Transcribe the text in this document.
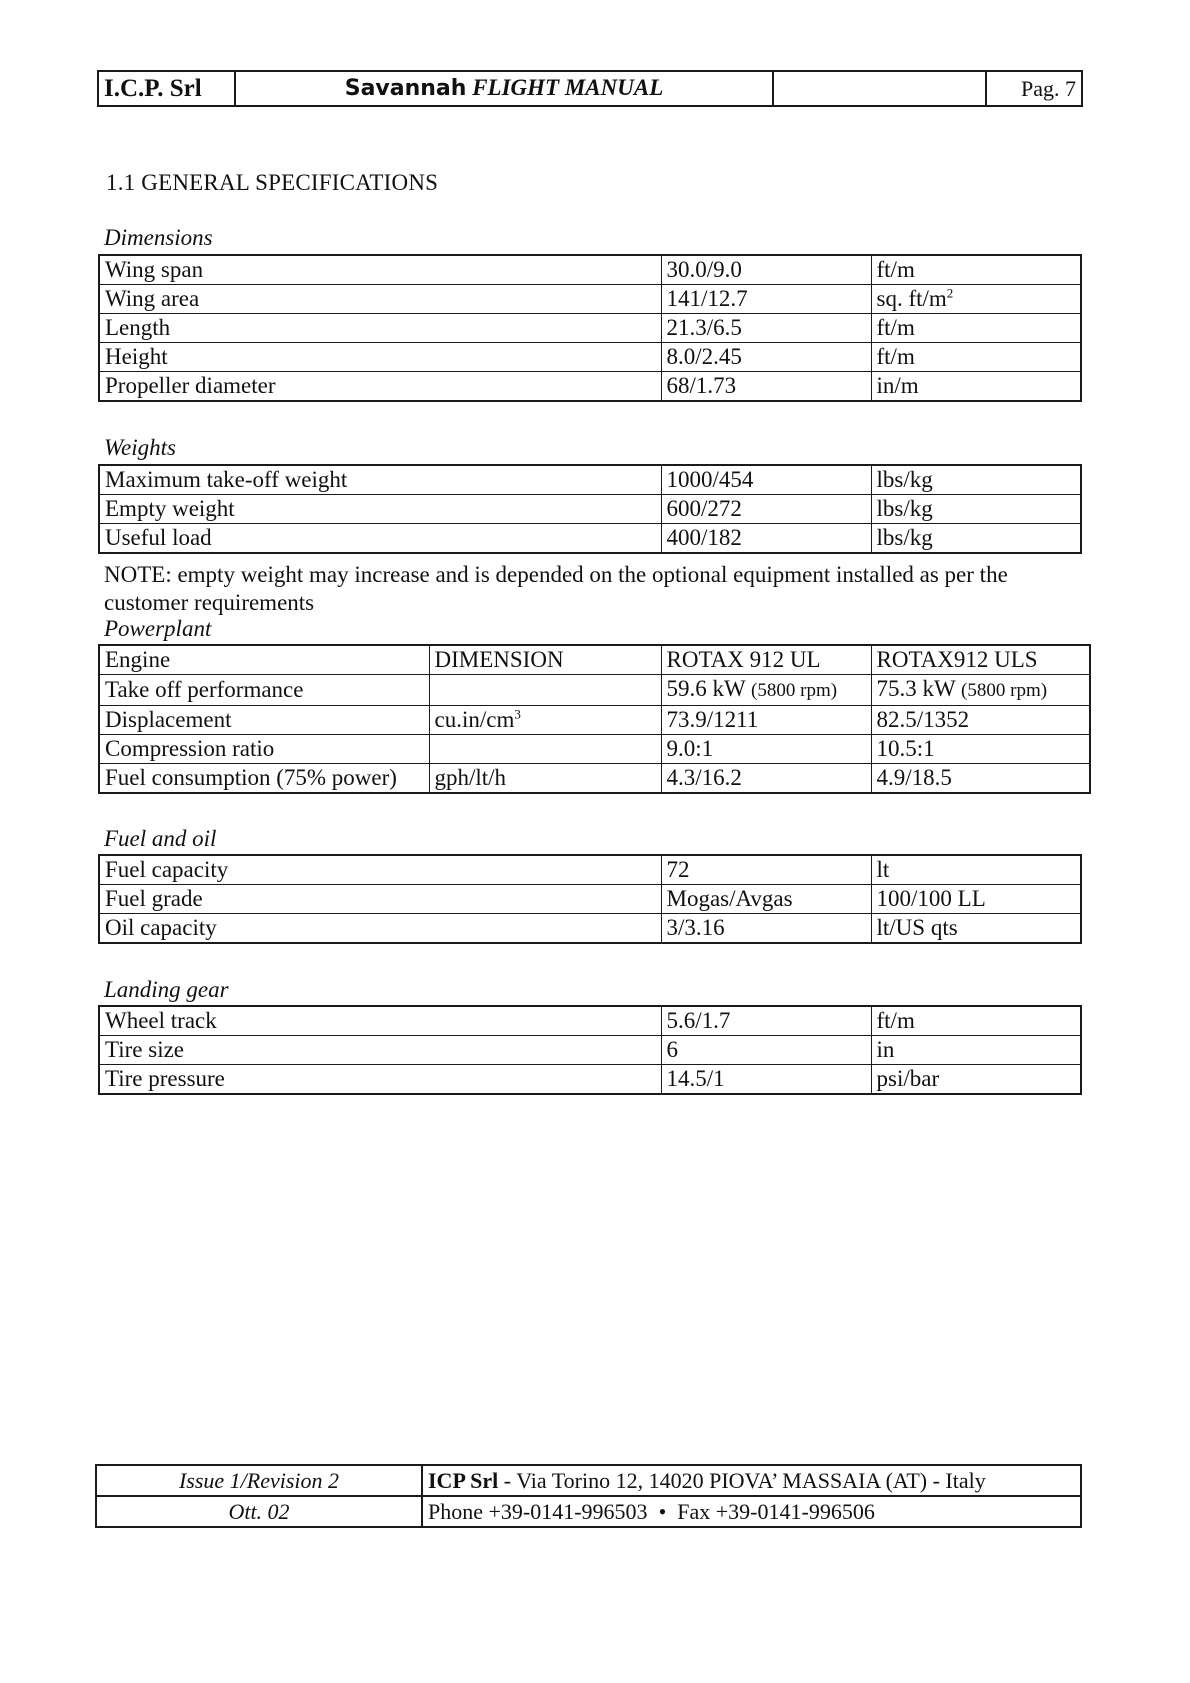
I.C.P. Srl	Savannah FLIGHT MANUAL		Pag. 7
1.1 GENERAL SPECIFICATIONS
Dimensions
Wing span	30.0/9.0	ft/m
Wing area	141/12.7	sq. $ft/m^2$
Length	21.3/6.5	ft/m
Height	8.0/2.45	ft/m
Propeller diameter	68/1.73	in/m
Weights
Maximum take-off weight	1000/454	lbs/kg
Empty weight	600/272	lbs/kg
Useful load	400/182	lbs/kg
NOTE: empty weight may increase and is depended on the optional equipment installed as per the customer requirements
Powerplant
Engine	DIMENSION	ROTAX 912 UL	ROTAX912 ULS
Take off performance		59.6 kW (5800 rpm)	75.3 kW (5800 rpm)
Displacement	$cu.in/cm^3$	73.9/1211	82.5/1352
Compression ratio		9.0:1	10.5:1
Fuel consumption (75% power)	gph/lt/h	4.3/16.2	4.9/18.5
Fuel and oil
Fuel capacity	72	lt
Fuel grade	Mogas/Avgas	100/100 LL
Oil capacity	3/3.16	lt/US qts
Landing gear
Wheel track	5.6/1.7	ft/m
Tire size	6	in
Tire pressure	14.5/1	psi/bar
Issue 1/Revision 2	ICP Srl - Via Torino 12, 14020 PIOVA’ MASSAIA (AT) - Italy
Ott. 02	Phone +39-0141-996503 • Fax +39-0141-996506
